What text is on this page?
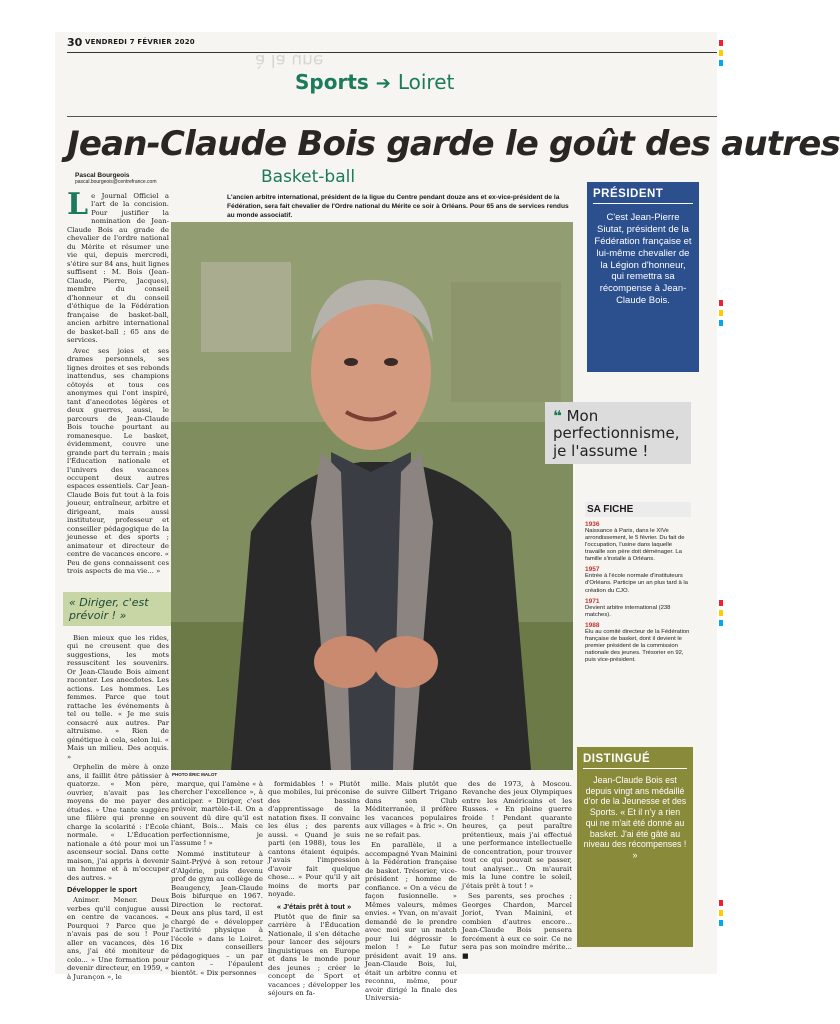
à la une
30 VENDREDI 7 FÉVRIER 2020
Sports ➔ Loiret
Jean-Claude Bois garde le goût des autres
Pascal Bourgeois
pascal.bourgeois@centrefrance.com	Basket-ball
L'ancien arbitre international, président de la ligue du Centre pendant douze ans et ex-vice-président de la Fédération, sera fait chevalier de l'Ordre national du Mérite ce soir à Orléans. Pour 65 ans de services rendus au monde associatif.

Le Journal Officiel a l'art de la concision. Pour justifier la nomination de Jean-Claude Bois au grade de chevalier de l'ordre national du Mérite et résumer une vie qui, depuis mercredi, s'étire sur 84 ans, huit lignes suffisent : M. Bois (Jean-Claude, Pierre, Jacques), membre du conseil d'honneur et du conseil d'éthique de la Fédération française de basket-ball, ancien arbitre international de basket-ball ; 65 ans de services.

Avec ses joies et ses drames personnels, ses lignes droites et ses rebonds inattendus, ses champions côtoyés et tous ces anonymes qui l'ont inspiré, tant d'anecdotes légères et deux guerres, aussi, le parcours de Jean-Claude Bois touche pourtant au romanesque. Le basket, évidemment, couvre une grande part du terrain ; mais l'Éducation nationale et l'univers des vacances occupent deux autres espaces essentiels. Car Jean-Claude Bois fut tout à la fois joueur, entraîneur, arbitre et dirigeant, mais aussi instituteur, professeur et conseiller pédagogique de la jeunesse et des sports ; animateur et directeur de centre de vacances encore. « Peu de gens connaissent ces trois aspects de ma vie... »

« Diriger, c'est prévoir ! »

Bien mieux que les rides, qui ne creusent que des suggestions, les mots ressuscitent les souvenirs. Or Jean-Claude Bois aiment raconter. Les anecdotes. Les actions. Les hommes. Les femmes. Parce que tout rattache les événements à tel ou telle. « Je me suis consacré aux autres. Par altruisme. » Rien de génétique à cela, selon lui. « Mais un milieu. Des acquis. »

Orphelin de mère à onze ans, il faillit être pâtissier à quatorze. « Mon père, ouvrier, n'avait pas les moyens de me payer des études. » Une tante suggère une filière qui prenne en charge la scolarité : l'École normale. « L'Éducation nationale a été pour moi un ascenseur social. Dans cette maison, j'ai appris à devenir un homme et à m'occuper des autres. »

Développer le sport

Animer. Mener. Deux verbes qu'il conjugue aussi en centre de vacances. « Pourquoi ? Parce que je n'avais pas de sou ! Pour aller en vacances, dès 16 ans, j'ai été moniteur de colo... » Une formation pour devenir directeur, en 1959, « à Jurançon », le

PHOTO ÉRIC MALOT

marque, qui l'amène « à chercher l'excellence », à anticiper. « Diriger, c'est prévoir, martèle-t-il. On a souvent dû dire qu'il est chiant, Bois... Mais ce perfectionnisme, je l'assume ! »

Nommé instituteur à Saint-Prÿvé à son retour d'Algérie, puis devenu prof de gym au collège de Beaugency, Jean-Claude Bois bifurque en 1967. Direction le rectorat. Deux ans plus tard, il est chargé de « développer l'activité physique à l'école » dans le Loiret. Dix conseillers pédagogiques – un par canton – l'épaulent bientôt. « Dix personnes

formidables ! » Plutôt que mobiles, lui préconise des bassins d'apprentissage de la natation fixes. Il convainc les élus ; des parents aussi. « Quand je suis parti (en 1988), tous les cantons étaient équipés. J'avais l'impression d'avoir fait quelque chose... » Pour qu'il y ait moins de morts par noyade.

« J'étais prêt à tout »

Plutôt que de finir sa carrière à l'Éducation Nationale, il s'en détache pour lancer des séjours linguistiques en Europe et dans le monde pour des jeunes ; créer le concept de Sport et vacances ; développer les séjours en fa-

mille. Mais plutôt que de suivre Gilbert Trigano dans son Club Méditerranée, il préfère les vacances populaires aux villages « à fric ». On ne se refait pas.

En parallèle, il a accompagné Yvan Mainini à la Fédération française de basket. Trésorier, vice-président ; homme de confiance. « On a vécu de façon fusionnelle. » Mêmes valeurs, mêmes envies. « Yvan, on m'avait demandé de le prendre avec moi sur un match pour lui dégrossir le melon ! » Le futur président avait 19 ans. Jean-Claude Bois, lui, était un arbitre connu et reconnu, même, pour avoir dirigé la finale des Universia-

des de 1973, à Moscou. Revanche des jeux Olympiques entre les Américains et les Russes. « En pleine guerre froide ! Pendant quarante heures, ça peut paraître prétentieux, mais j'ai effectué une performance intellectuelle de concentration, pour trouver tout ce qui pouvait se passer, tout analyser... On m'aurait mis la lune contre le soleil, j'étais prêt à tout ! »

Ses parents, ses proches ; Georges Chardon, Marcel Joriot, Yvan Mainini, et combien d'autres encore... Jean-Claude Bois pensera forcément à eux ce soir. Ce ne sera pas son moindre mérite... ■

PRÉSIDENT
C'est Jean-Pierre Siutat, président de la Fédération française et lui-même chevalier de la Légion d'honneur, qui remettra sa récompense à Jean-Claude Bois.
❝ Mon perfectionnisme, je l'assume !
SA FICHE
1936
Naissance à Paris, dans le XIVe arrondissement, le 5 février. Du fait de l'occupation, l'usine dans laquelle travaille son père doit déménager. La famille s'installe à Orléans.
1957
Entrée à l'école normale d'instituteurs d'Orléans. Participe un an plus tard à la création du CJO.
1971
Devient arbitre international (238 matches).
1988
Élu au comité directeur de la Fédération française de basket, dont il devient le premier président de la commission nationale des jeunes. Trésorier en 92, puis vice-président.
DISTINGUÉ
Jean-Claude Bois est depuis vingt ans médaillé d'or de la Jeunesse et des Sports. « Et il n'y a rien qui ne m'ait été donné au basket. J'ai été gâté au niveau des récompenses ! »
